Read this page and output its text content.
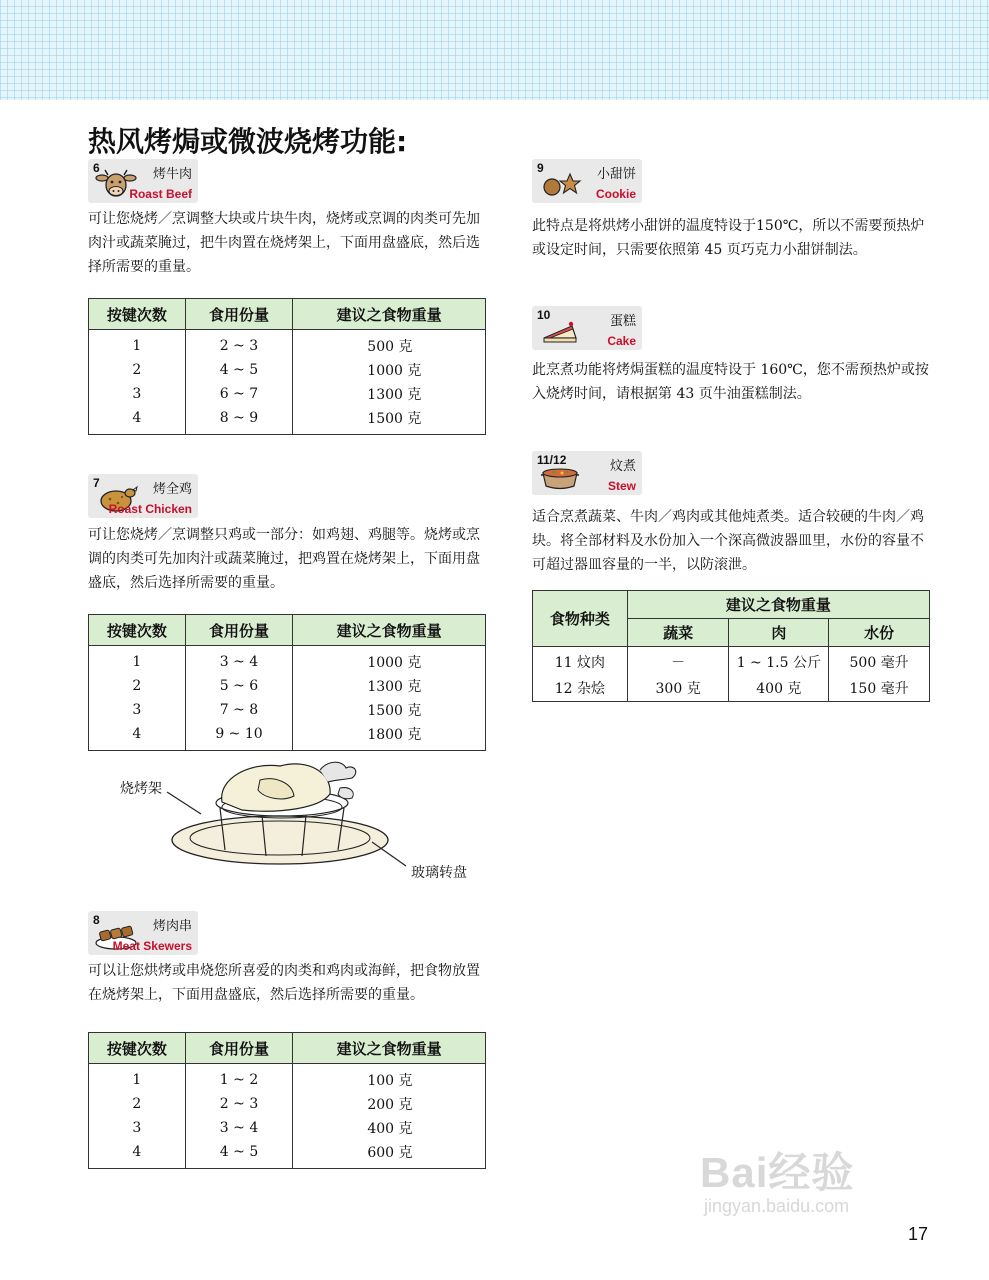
热风烤焗或微波烧烤功能:
6	烤牛肉
Roast Beef

可让您烧烤／烹调整大块或片块牛肉，烧烤或烹调的肉类可先加肉汁或蔬菜腌过，把牛肉置在烧烤架上，下面用盘盛底，然后选择所需要的重量。

按键次数	食用份量	建议之食物重量
1	2 ~ 3	500 克
2	4 ~ 5	1000 克
3	6 ~ 7	1300 克
4	8 ~ 9	1500 克
7	烤全鸡
Roast Chicken

可让您烧烤／烹调整只鸡或一部分：如鸡翅、鸡腿等。烧烤或烹调的肉类可先加肉汁或蔬菜腌过，把鸡置在烧烤架上，下面用盘盛底，然后选择所需要的重量。

按键次数	食用份量	建议之食物重量
1	3 ~ 4	1000 克
2	5 ~ 6	1300 克
3	7 ~ 8	1500 克
4	9 ~ 10	1800 克
烧烤架
玻璃转盘
8	烤肉串
Meat Skewers

可以让您烘烤或串烧您所喜爱的肉类和鸡肉或海鲜，把食物放置在烧烤架上，下面用盘盛底，然后选择所需要的重量。

按键次数	食用份量	建议之食物重量
1	1 ~ 2	100 克
2	2 ~ 3	200 克
3	3 ~ 4	400 克
4	4 ~ 5	600 克
9	小甜饼
Cookie

此特点是将烘烤小甜饼的温度特设于150℃，所以不需要预热炉或设定时间，只需要依照第 45 页巧克力小甜饼制法。

10	蛋糕
Cake

此烹煮功能将烤焗蛋糕的温度特设于 160℃，您不需预热炉或按入烧烤时间，请根据第 43 页牛油蛋糕制法。

11/12	炆煮
Stew

适合烹煮蔬菜、牛肉／鸡肉或其他炖煮类。适合较硬的牛肉／鸡块。将全部材料及水份加入一个深高微波器皿里，水份的容量不可超过器皿容量的一半，以防滚泄。

食物种类	建议之食物重量		
	蔬菜	肉	水份
11 炆肉	－	1 ~ 1.5 公斤	500 毫升
12 杂烩	300 克	400 克	150 毫升
Bai经验
jingyan.baidu.com
17
